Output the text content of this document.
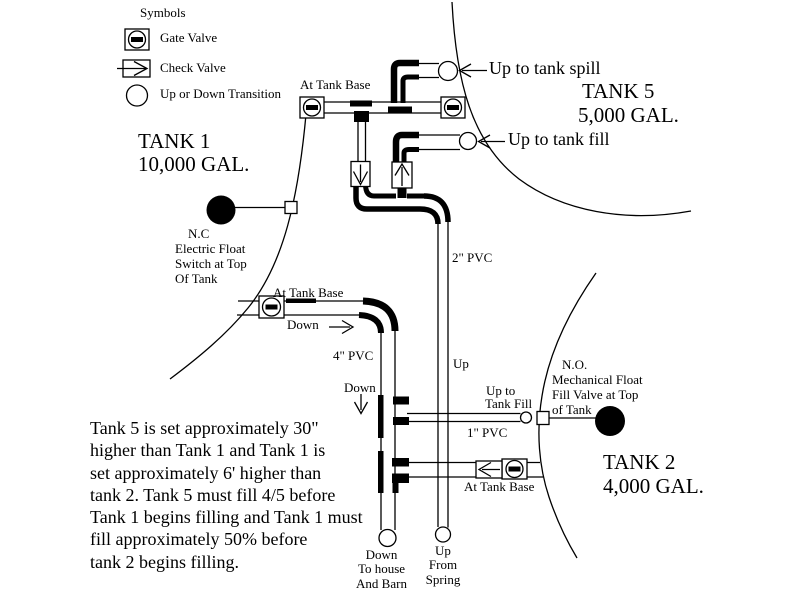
Symbols
Gate Valve
Check Valve
Up or Down Transition
At Tank Base
Up to tank spill
Up to tank fill
TANK 5
5,000 GAL.
TANK 1
10,000 GAL.
N.C
Electric Float
Switch at Top
Of Tank
2" PVC
At Tank Base
Down
4" PVC
Up
Down	Up to
Tank Fill
1" PVC
N.O.
Mechanical Float
Fill Valve at Top
of Tank
At Tank Base
TANK 2
4,000 GAL.
Tank 5 is set approximately 30"
higher than Tank 1 and Tank 1 is
set approximately 6' higher than
tank 2. Tank 5 must fill 4/5 before
Tank 1 begins filling and Tank 1 must
fill approximately 50% before
tank 2 begins filling.	Down
To house
And Barn
Up
From
Spring
